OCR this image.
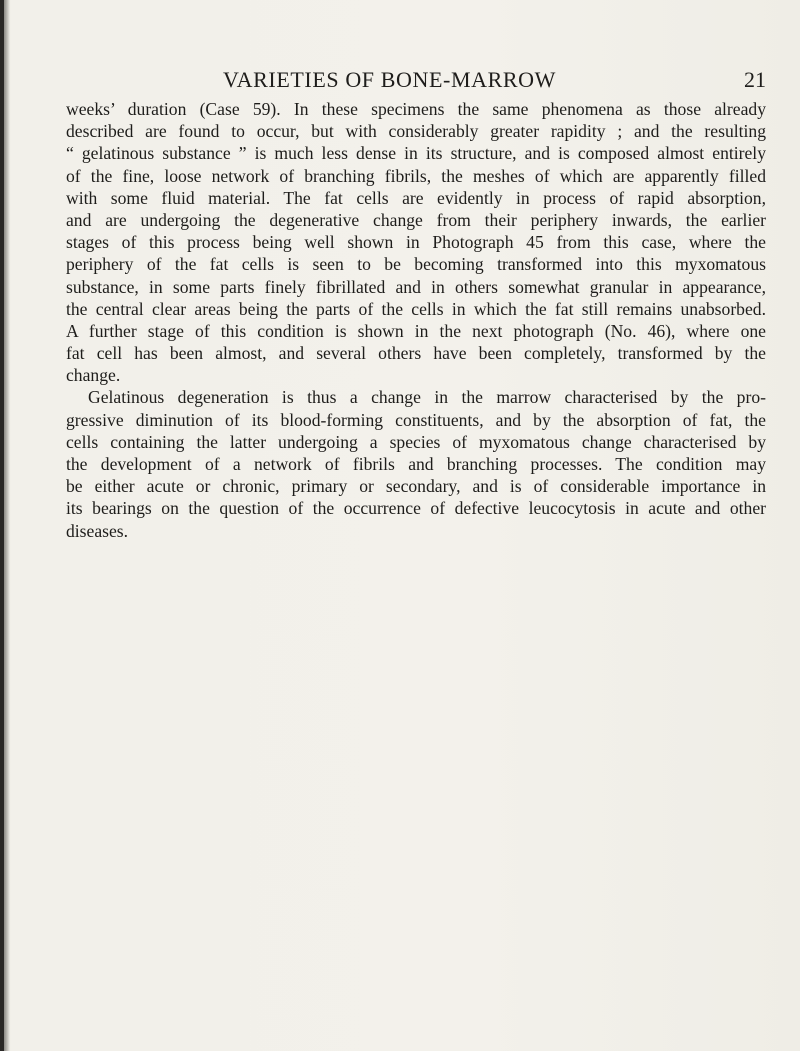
VARIETIES OF BONE-MARROW	21
weeks’ duration (Case 59). In these specimens the same phenomena as those already
described are found to occur, but with considerably greater rapidity ; and the resulting
“ gelatinous substance ” is much less dense in its structure, and is composed almost entirely
of the fine, loose network of branching fibrils, the meshes of which are apparently filled
with some fluid material. The fat cells are evidently in process of rapid absorption,
and are undergoing the degenerative change from their periphery inwards, the earlier
stages of this process being well shown in Photograph 45 from this case, where the
periphery of the fat cells is seen to be becoming transformed into this myxomatous
substance, in some parts finely fibrillated and in others somewhat granular in appearance,
the central clear areas being the parts of the cells in which the fat still remains unabsorbed.
A further stage of this condition is shown in the next photograph (No. 46), where one
fat cell has been almost, and several others have been completely, transformed by the
change.
Gelatinous degeneration is thus a change in the marrow characterised by the pro-
gressive diminution of its blood-forming constituents, and by the absorption of fat, the
cells containing the latter undergoing a species of myxomatous change characterised by
the development of a network of fibrils and branching processes. The condition may
be either acute or chronic, primary or secondary, and is of considerable importance in
its bearings on the question of the occurrence of defective leucocytosis in acute and other
diseases.
